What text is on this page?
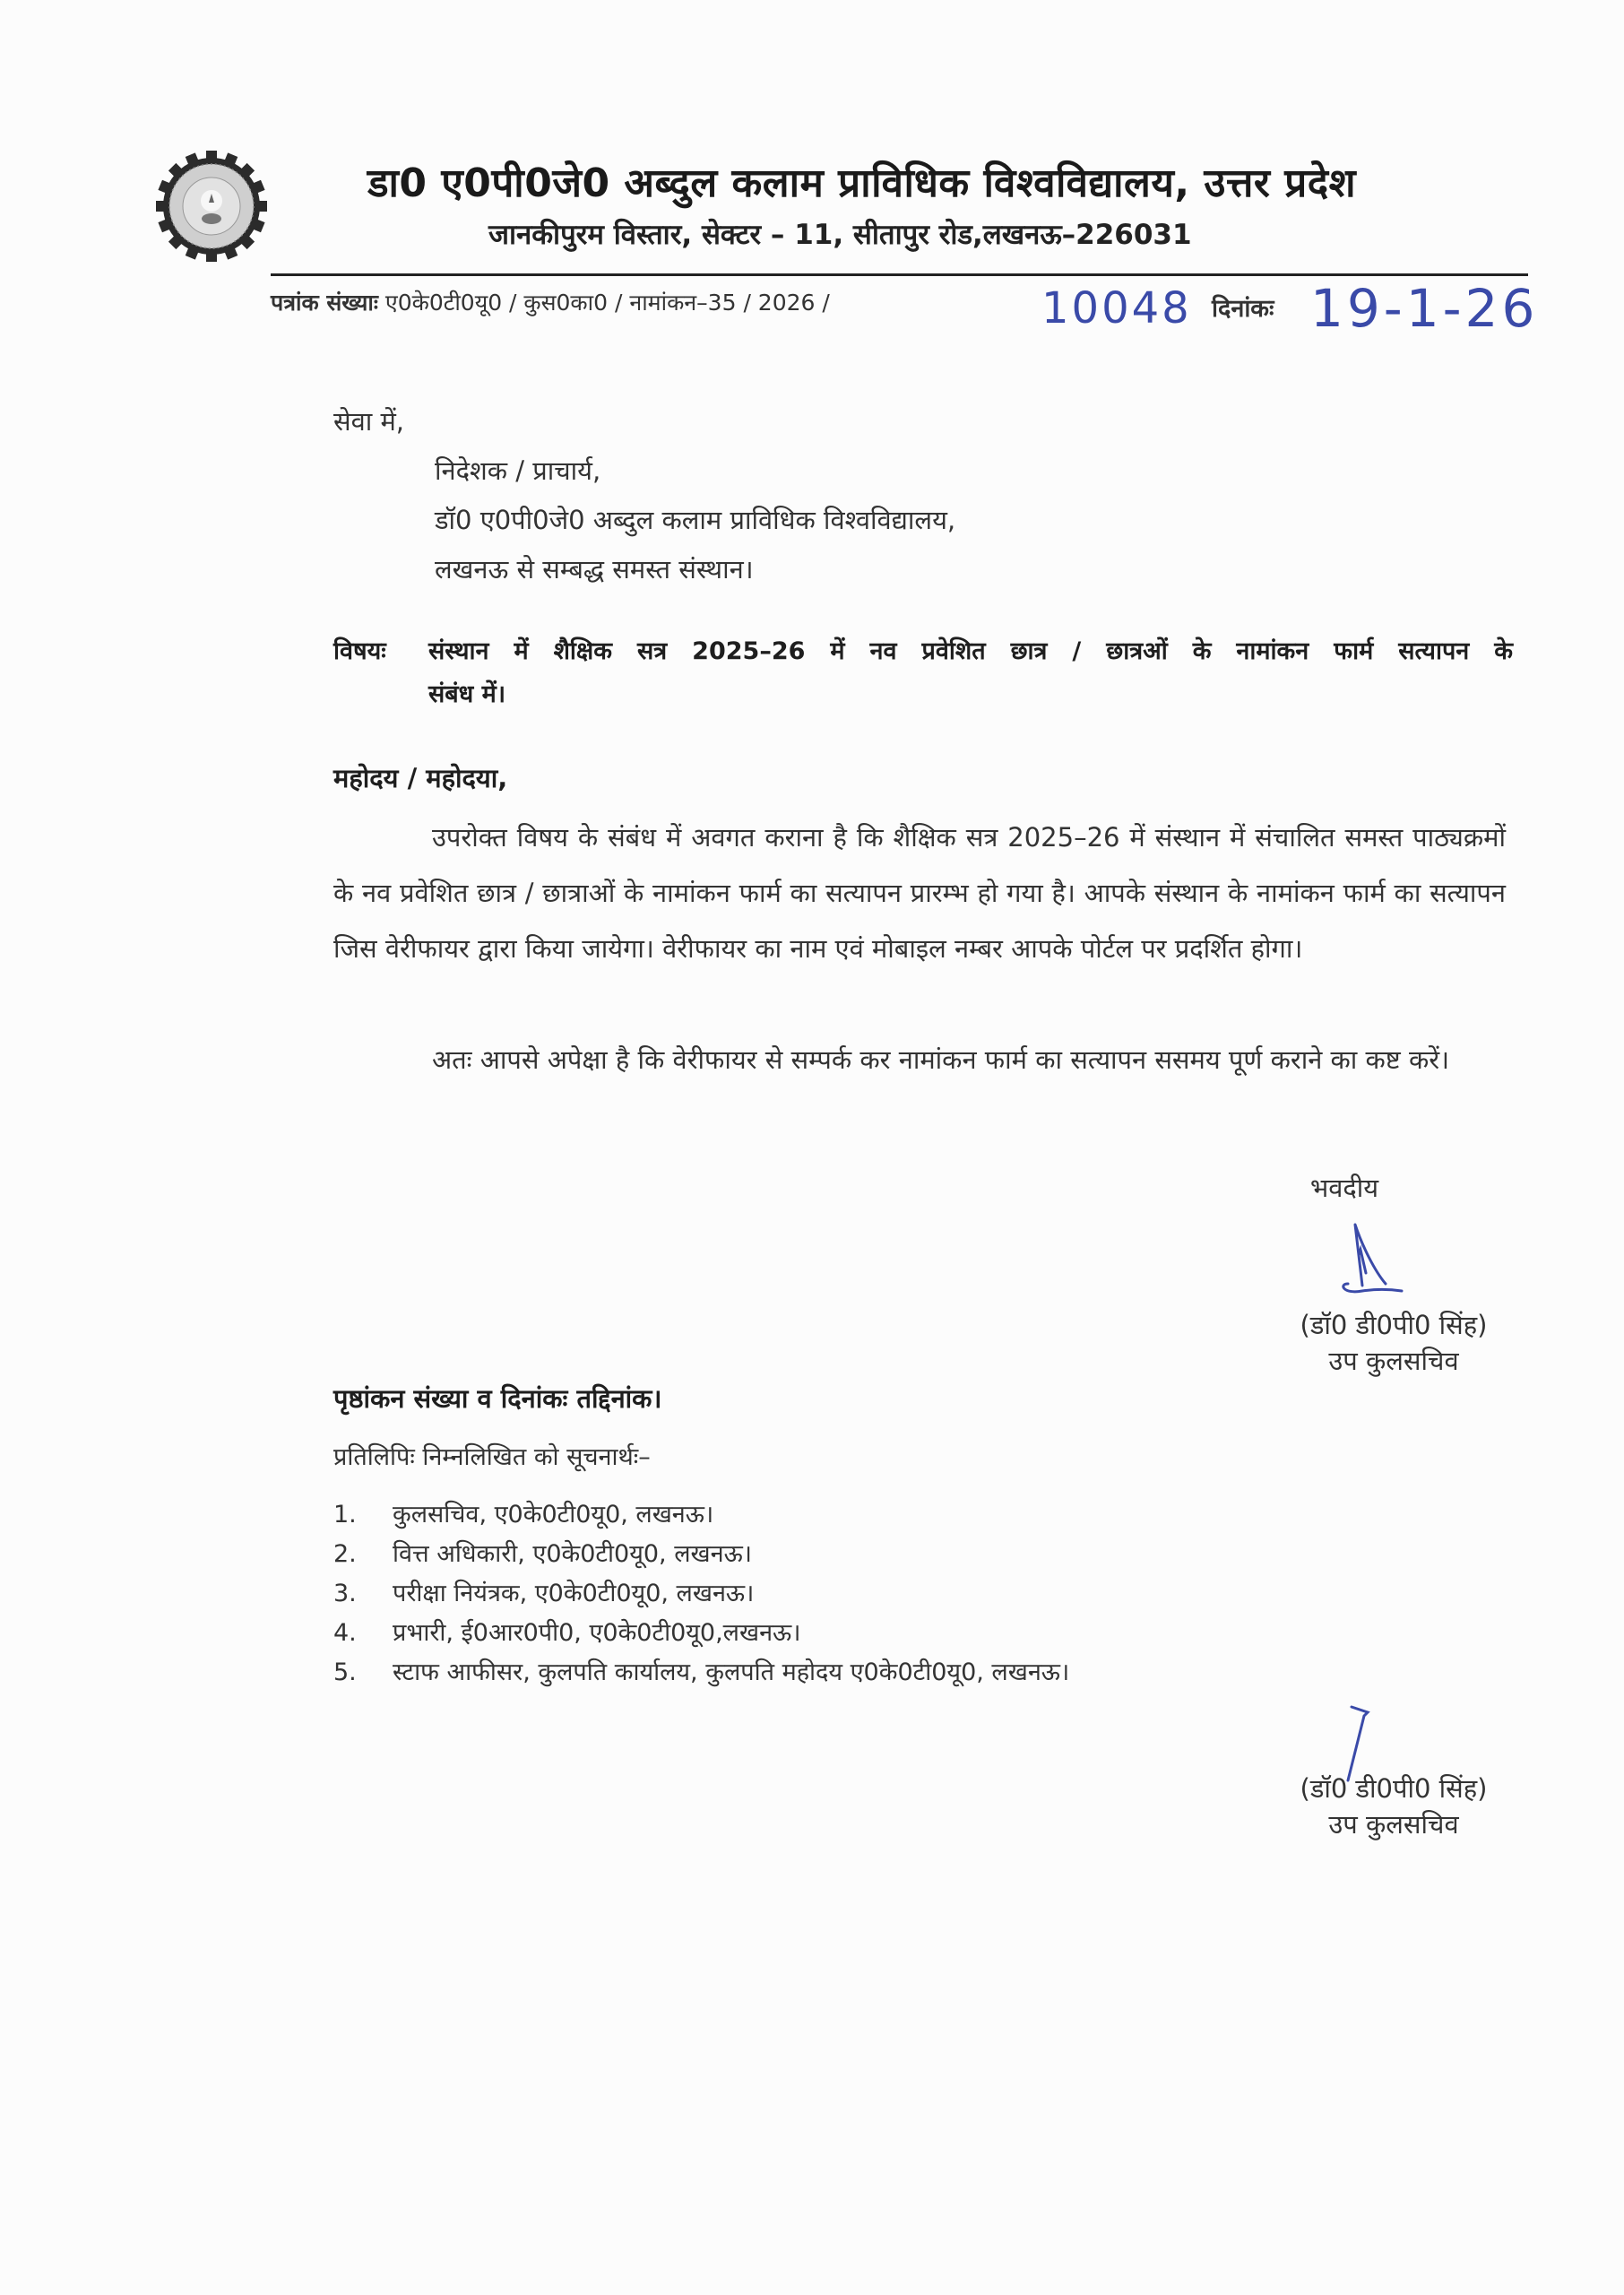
डा0 ए0पी0जे0 अब्दुल कलाम प्राविधिक विश्वविद्यालय, उत्तर प्रदेश
जानकीपुरम विस्तार, सेक्टर – 11, सीतापुर रोड,लखनऊ–226031
पत्रांक संख्याः ए0के0टी0यू0 / कुस0का0 / नामांकन–35 / 2026 /	10048 दिनांकः 19-1-26
सेवा में,
निदेशक / प्राचार्य,
डॉ0 ए0पी0जे0 अब्दुल कलाम प्राविधिक विश्वविद्यालय,
लखनऊ से सम्बद्ध समस्त संस्थान।
विषयः संस्थान में शैक्षिक सत्र 2025–26 में नव प्रवेशित छात्र / छात्रओं के नामांकन फार्म सत्यापन के
संबंध में।
महोदय / महोदया,
उपरोक्त विषय के संबंध में अवगत कराना है कि शैक्षिक सत्र 2025–26 में संस्थान में संचालित समस्त पाठ्यक्रमों के नव प्रवेशित छात्र / छात्राओं के नामांकन फार्म का सत्यापन प्रारम्भ हो गया है। आपके संस्थान के नामांकन फार्म का सत्यापन जिस वेरीफायर द्वारा किया जायेगा। वेरीफायर का नाम एवं मोबाइल नम्बर आपके पोर्टल पर प्रदर्शित होगा।
अतः आपसे अपेक्षा है कि वेरीफायर से सम्पर्क कर नामांकन फार्म का सत्यापन ससमय पूर्ण कराने का कष्ट करें।
भवदीय
(डॉ0 डी0पी0 सिंह)
उप कुलसचिव
पृष्ठांकन संख्या व दिनांकः तद्दिनांक।
प्रतिलिपिः निम्नलिखित को सूचनार्थः–
1.	कुलसचिव, ए0के0टी0यू0, लखनऊ।
2.	वित्त अधिकारी, ए0के0टी0यू0, लखनऊ।
3.	परीक्षा नियंत्रक, ए0के0टी0यू0, लखनऊ।
4.	प्रभारी, ई0आर0पी0, ए0के0टी0यू0,लखनऊ।
5.	स्टाफ आफीसर, कुलपति कार्यालय, कुलपति महोदय ए0के0टी0यू0, लखनऊ।
(डॉ0 डी0पी0 सिंह)
उप कुलसचिव
